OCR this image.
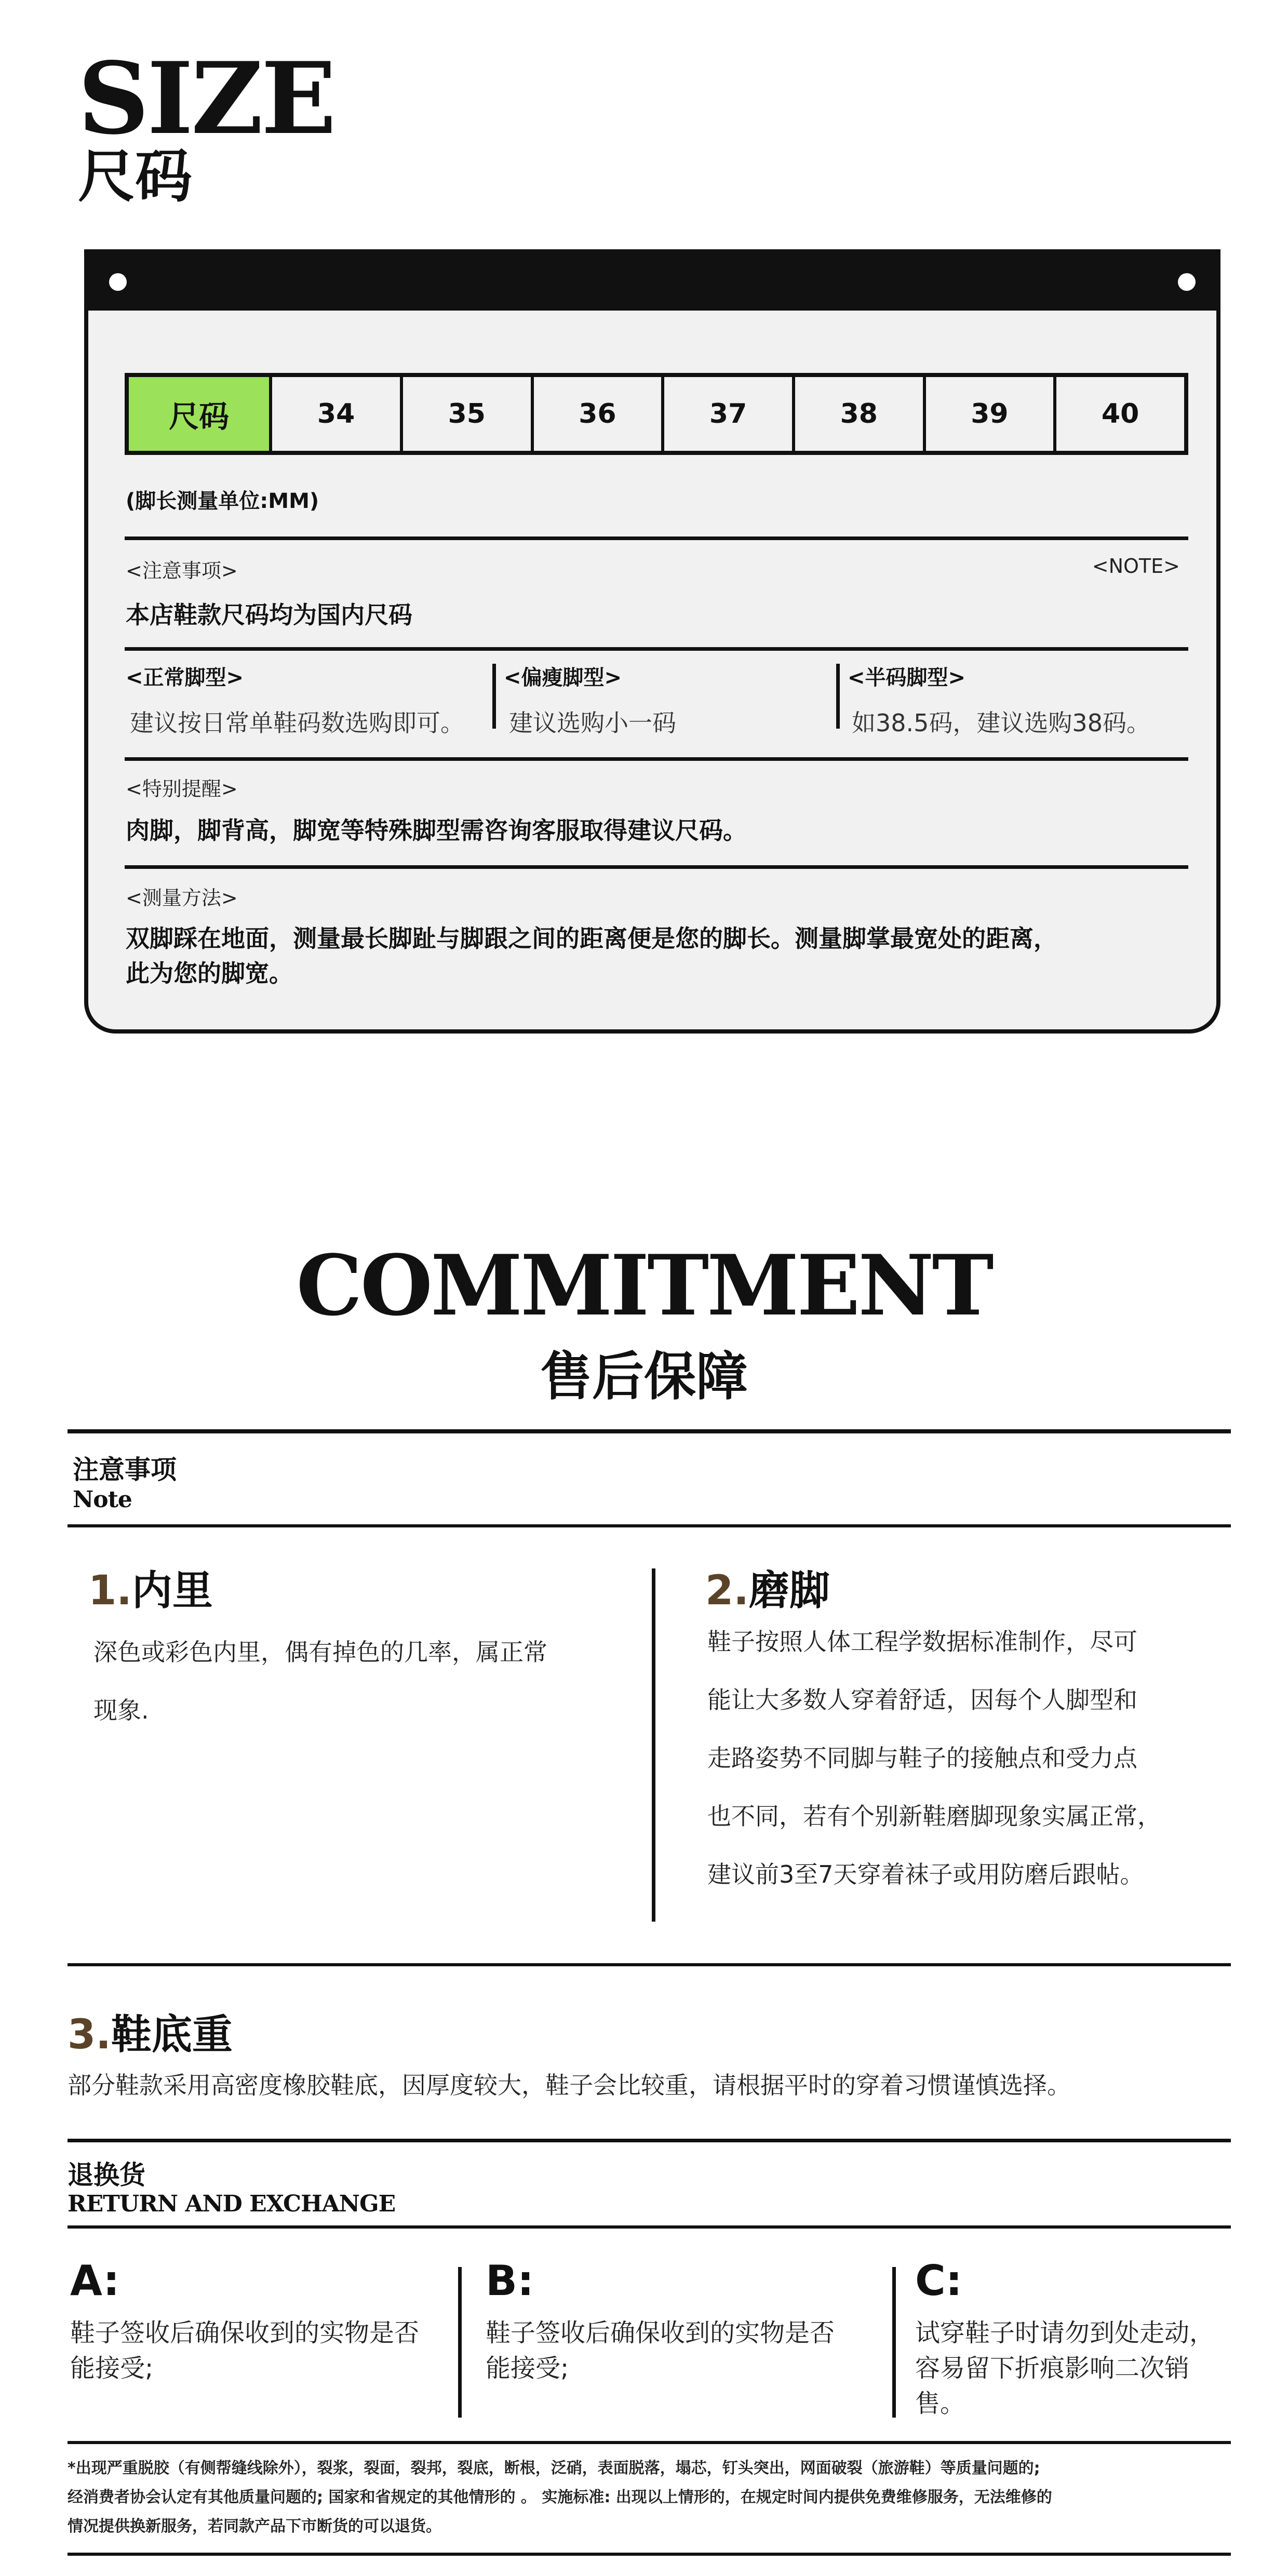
SIZE
尺码
尺码	34	35	36	37	38	39	40
(脚长测量单位:MM)
<注意事项>	<NOTE>
本店鞋款尺码均为国内尺码
<正常脚型>
建议按日常单鞋码数选购即可。
<偏瘦脚型>
建议选购小一码
<半码脚型>
如38.5码，建议选购38码。
<特别提醒>
肉脚，脚背高，脚宽等特殊脚型需咨询客服取得建议尺码。
<测量方法>
双脚踩在地面，测量最长脚趾与脚跟之间的距离便是您的脚长。测量脚掌最宽处的距离，
此为您的脚宽。
COMMITMENT
售后保障
注意事项
Note
1.内里
深色或彩色内里，偶有掉色的几率，属正常
现象.
2.磨脚
鞋子按照人体工程学数据标准制作，尽可
能让大多数人穿着舒适，因每个人脚型和
走路姿势不同脚与鞋子的接触点和受力点
也不同，若有个别新鞋磨脚现象实属正常，
建议前3至7天穿着袜子或用防磨后跟帖。
3.鞋底重
部分鞋款采用高密度橡胶鞋底，因厚度较大，鞋子会比较重，请根据平时的穿着习惯谨慎选择。
退换货
RETURN AND EXCHANGE
A:
鞋子签收后确保收到的实物是否
能接受;
B:
鞋子签收后确保收到的实物是否
能接受;
C:
试穿鞋子时请勿到处走动，
容易留下折痕影响二次销
售。
*出现严重脱胶（有侧帮缝线除外），裂浆，裂面，裂邦，裂底，断根，泛硝，表面脱落，塌芯，钉头突出，网面破裂（旅游鞋）等质量问题的;
经消费者协会认定有其他质量问题的; 国家和省规定的其他情形的 。 实施标准: 出现以上情形的，在规定时间内提供免费维修服务，无法维修的
情况提供换新服务，若同款产品下市断货的可以退货。
